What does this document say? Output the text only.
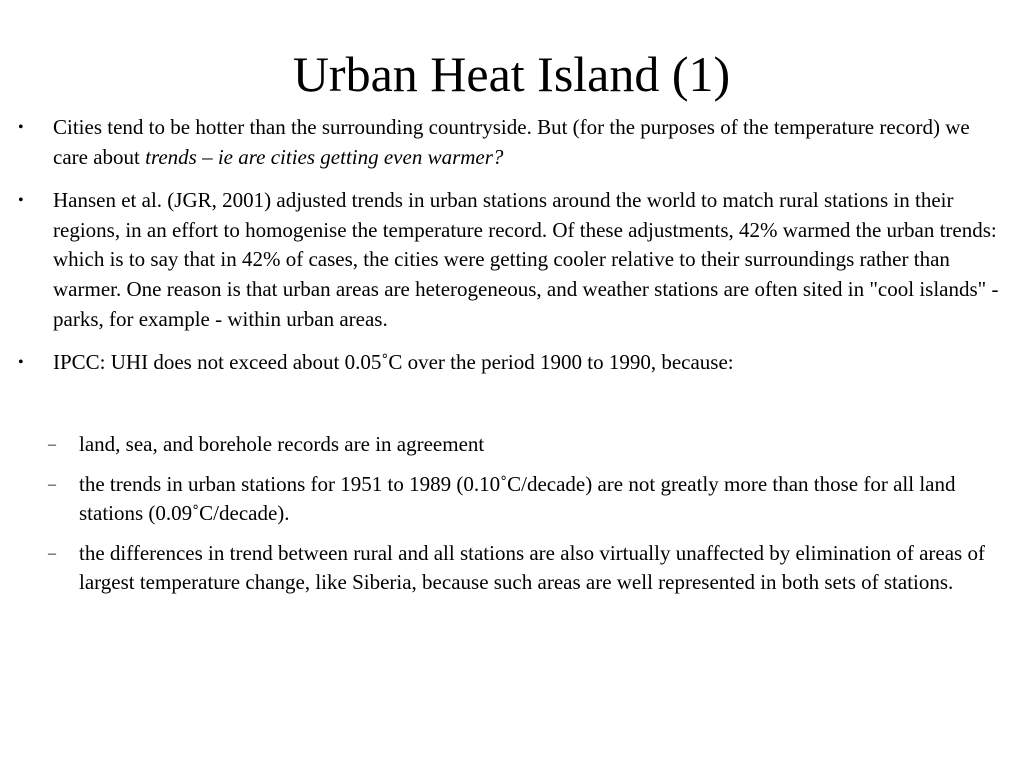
Urban Heat Island (1)
•	Cities tend to be hotter than the surrounding countryside. But (for the purposes of the temperature record) we care about trends – ie are cities getting even warmer?
•	Hansen et al. (JGR, 2001) adjusted trends in urban stations around the world to match rural stations in their regions, in an effort to homogenise the temperature record. Of these adjustments, 42% warmed the urban trends: which is to say that in 42% of cases, the cities were getting cooler relative to their surroundings rather than warmer. One reason is that urban areas are heterogeneous, and weather stations are often sited in "cool islands" - parks, for example - within urban areas.
•	IPCC: UHI does not exceed about 0.05˚C over the period 1900 to 1990, because:
– land, sea, and borehole records are in agreement
– the trends in urban stations for 1951 to 1989 (0.10˚C/decade) are not greatly more than those for all land stations (0.09˚C/decade).
– the differences in trend between rural and all stations are also virtually unaffected by elimination of areas of largest temperature change, like Siberia, because such areas are well represented in both sets of stations.
